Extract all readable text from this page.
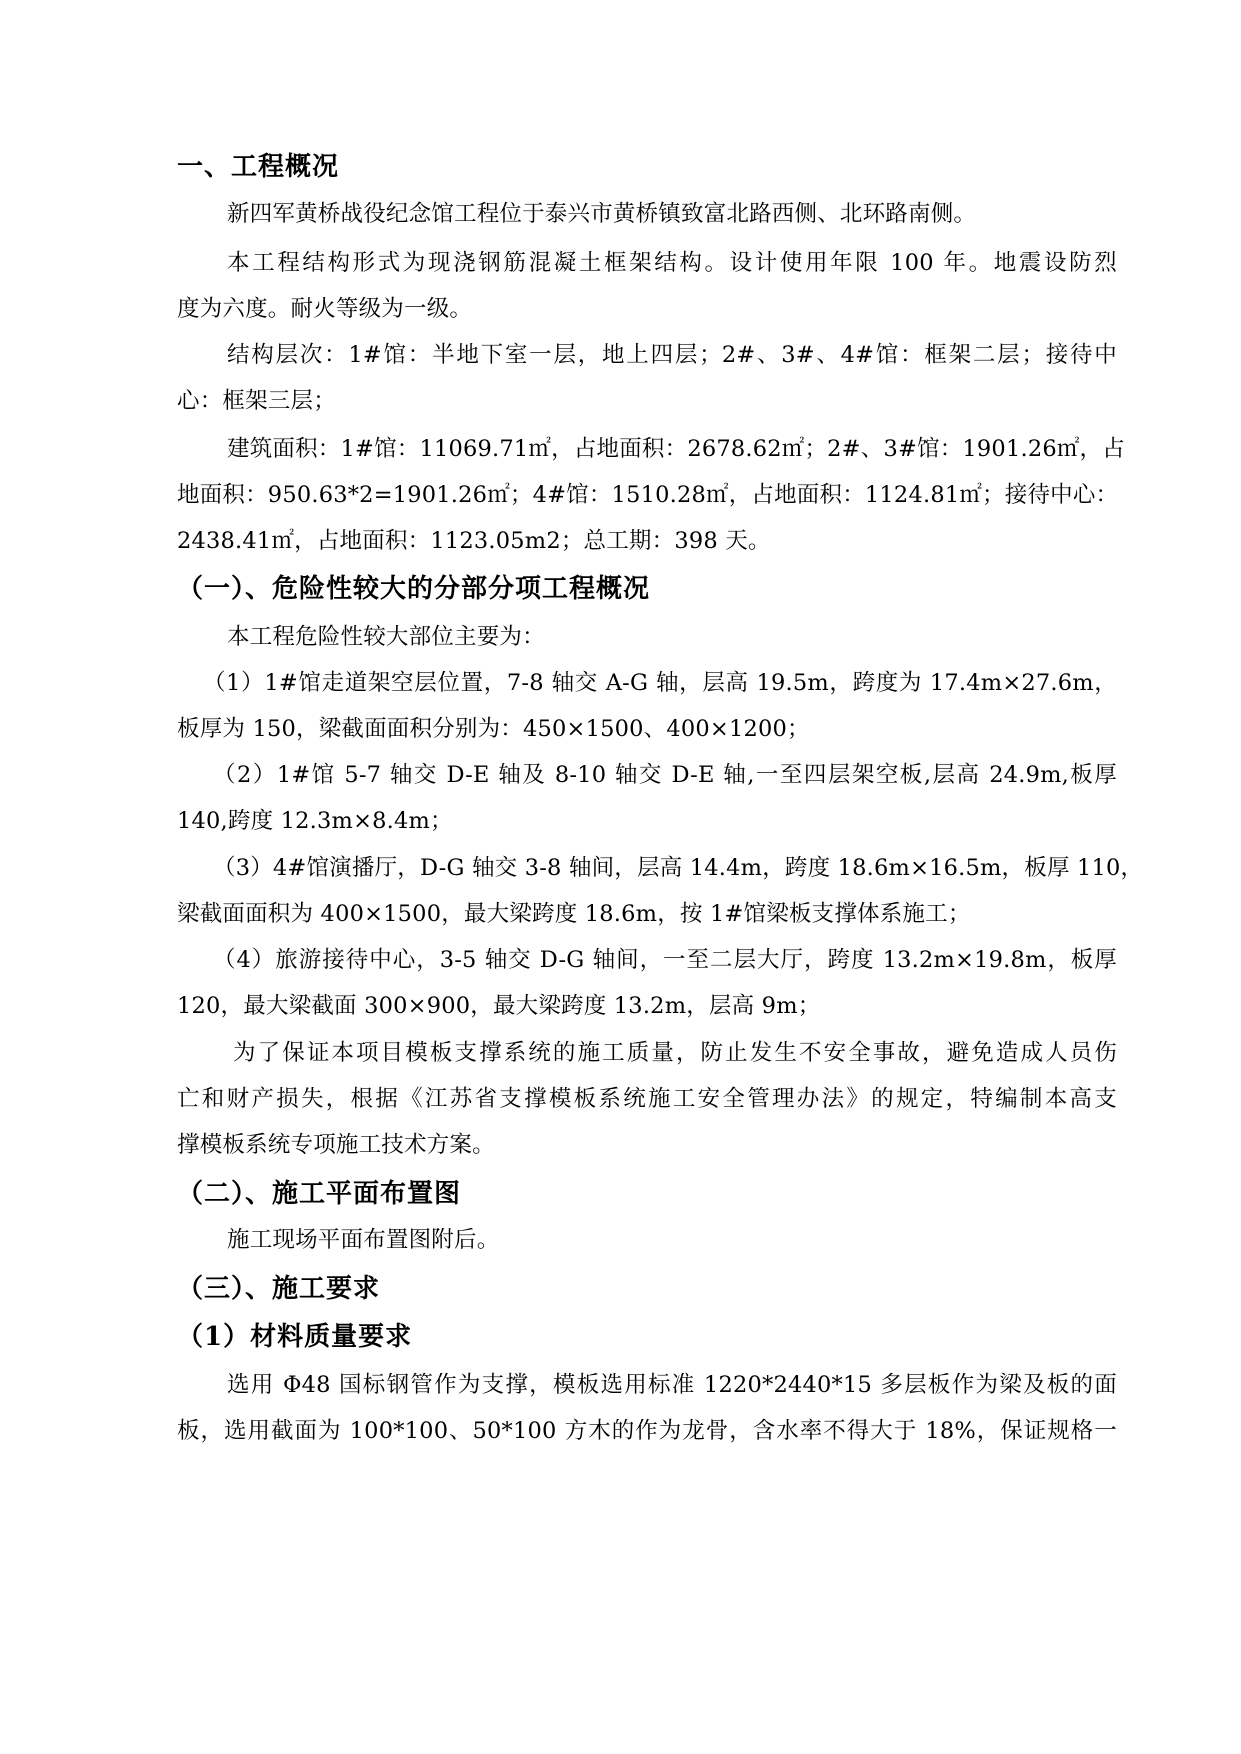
一、工程概况
新四军黄桥战役纪念馆工程位于泰兴市黄桥镇致富北路西侧、北环路南侧。
本工程结构形式为现浇钢筋混凝土框架结构。设计使用年限 100 年。地震设防烈
度为六度。耐火等级为一级。
结构层次：1#馆：半地下室一层，地上四层；2#、3#、4#馆：框架二层；接待中
心：框架三层；
建筑面积：1#馆：11069.71㎡，占地面积：2678.62㎡；2#、3#馆：1901.26㎡，占
地面积：950.63*2=1901.26㎡；4#馆：1510.28㎡，占地面积：1124.81㎡；接待中心：
2438.41㎡，占地面积：1123.05m2；总工期：398 天。
（一）、危险性较大的分部分项工程概况
本工程危险性较大部位主要为：
（1）1#馆走道架空层位置，7-8 轴交 A-G 轴，层高 19.5m，跨度为 17.4m×27.6m，
板厚为 150，梁截面面积分别为：450×1500、400×1200；
（2）1#馆 5-7 轴交 D-E 轴及 8-10 轴交 D-E 轴,一至四层架空板,层高 24.9m,板厚
140,跨度 12.3m×8.4m；
（3）4#馆演播厅，D-G 轴交 3-8 轴间，层高 14.4m，跨度 18.6m×16.5m，板厚 110，
梁截面面积为 400×1500，最大梁跨度 18.6m，按 1#馆梁板支撑体系施工；
（4）旅游接待中心，3-5 轴交 D-G 轴间，一至二层大厅，跨度 13.2m×19.8m，板厚
120，最大梁截面 300×900，最大梁跨度 13.2m，层高 9m；
为了保证本项目模板支撑系统的施工质量，防止发生不安全事故，避免造成人员伤
亡和财产损失，根据《江苏省支撑模板系统施工安全管理办法》的规定，特编制本高支
撑模板系统专项施工技术方案。
（二）、施工平面布置图
施工现场平面布置图附后。
（三）、施工要求
（1）材料质量要求
选用 Φ48 国标钢管作为支撑，模板选用标准 1220*2440*15 多层板作为梁及板的面
板，选用截面为 100*100、50*100 方木的作为龙骨，含水率不得大于 18%，保证规格一
